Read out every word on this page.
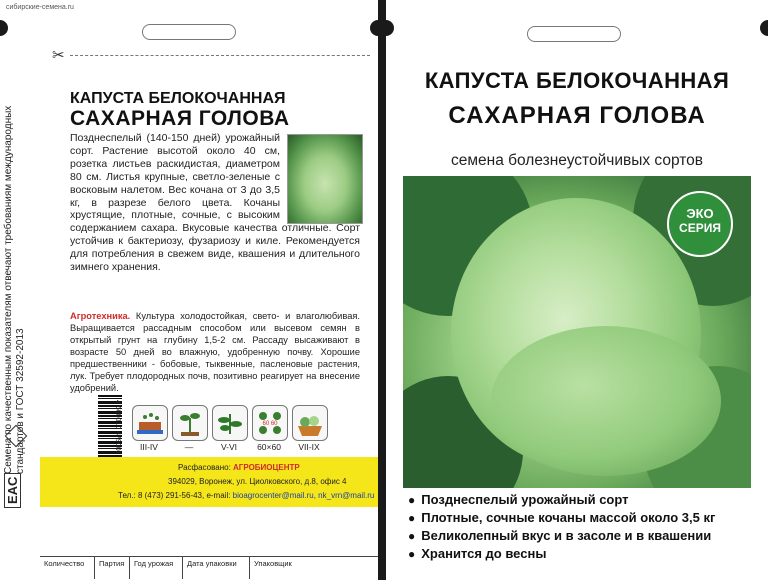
сибирские-семена.ru
✂
Семена по качественным показателям отвечают требованиям международных стандартов и ГОСТ 32592-2013
EAC
КАПУСТА БЕЛОКОЧАННАЯ
САХАРНАЯ ГОЛОВА
Позднеспелый (140-150 дней) урожайный сорт. Растение высотой около 40 см, розетка листьев раскидистая, диаметром 80 см. Листья крупные, светло-зеленые с восковым налетом. Вес кочана от 3 до 3,5 кг, в разрезе белого цвета. Кочаны хрустящие, плотные, сочные, с высоким содержанием сахара. Вкусовые качества отличные. Сорт устойчив к бактериозу, фузариозу и киле. Рекомендуется для потребления в свежем виде, квашения и длительного зимнего хранения.
Агротехника. Культура холодостойкая, свето- и влаголюбивая. Выращивается рассадным способом или высевом семян в открытый грунт на глубину 1,5-2 см. Рассаду высаживают в возрасте 50 дней во влажную, удобренную почву. Хорошие предшественники - бобовые, тыквенные, пасленовые растения, лук. Требует плодородных почв, позитивно реагирует на внесение удобрений.
4 600010 479001	60 60
III-IV	—	V-VI	60×60	VII-IX
Расфасовано: АГРОБИОЦЕНТР
394029, Воронеж, ул. Циолковского, д.8, офис 4
Тел.: 8 (473) 291-56-43, e-mail: bioagrocenter@mail.ru, nk_vrn@mail.ru
Количество	Партия	Год урожая	Дата упаковки	Упаковщик
КАПУСТА БЕЛОКОЧАННАЯ
САХАРНАЯ ГОЛОВА
семена болезнеустойчивых сортов
ЭКО
СЕРИЯ
● Позднеспелый урожайный сорт
● Плотные, сочные кочаны массой около 3,5 кг
● Великолепный вкус и в засоле и в квашении
● Хранится до весны
